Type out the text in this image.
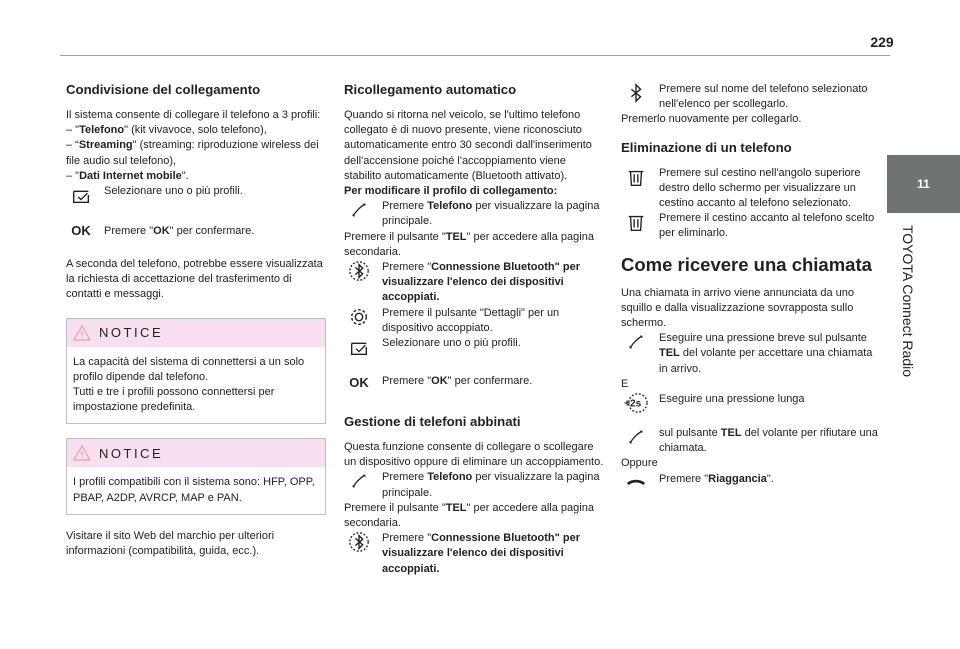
229
11
TOYOTA Connect Radio
Condivisione del collegamento

Il sistema consente di collegare il telefono a 3 profili:

– "Telefono" (kit vivavoce, solo telefono),

– “Streaming" (streaming: riproduzione wireless dei file audio sul telefono),

– "Dati Internet mobile".

Selezionare uno o più profili.

OK	Premere "OK" per confermare.

A seconda del telefono, potrebbe essere visualizzata la richiesta di accettazione del trasferimento di contatti e messaggi.

NOTICE

La capacità del sistema di connettersi a un solo profilo dipende dal telefono.

Tutti e tre i profili possono connettersi per impostazione predefinita.

NOTICE

I profili compatibili con il sistema sono: HFP, OPP, PBAP, A2DP, AVRCP, MAP e PAN.

Visitare il sito Web del marchio per ulteriori informazioni (compatibilità, guida, ecc.).

Ricollegamento automatico

Quando si ritorna nel veicolo, se l'ultimo telefono collegato è di nuovo presente, viene riconosciuto automaticamente entro 30 secondi dall'inserimento dell'accensione poiché l'accoppiamento viene stabilito automaticamente (Bluetooth attivato).

Per modificare il profilo di collegamento:

Premere Telefono per visualizzare la pagina principale.

Premere il pulsante "TEL" per accedere alla pagina secondaria.

Premere "Connessione Bluetooth" per visualizzare l'elenco dei dispositivi accoppiati.

Premere il pulsante "Dettagli" per un dispositivo accoppiato.

Selezionare uno o più profili.

OK	Premere "OK" per confermare.

Gestione di telefoni abbinati

Questa funzione consente di collegare o scollegare un dispositivo oppure di eliminare un accoppiamento.

Premere Telefono per visualizzare la pagina principale.

Premere il pulsante "TEL" per accedere alla pagina secondaria.

Premere "Connessione Bluetooth" per visualizzare l'elenco dei dispositivi accoppiati.

Premere sul nome del telefono selezionato nell'elenco per scollegarlo.

Premerlo nuovamente per collegarlo.

Eliminazione di un telefono

Premere sul cestino nell'angolo superiore destro dello schermo per visualizzare un cestino accanto al telefono selezionato.

Premere il cestino accanto al telefono scelto per eliminarlo.

Come ricevere una chiamata

Una chiamata in arrivo viene annunciata da uno squillo e dalla visualizzazione sovrapposta sullo schermo.

Eseguire una pressione breve sul pulsante TEL del volante per accettare una chiamata in arrivo.

E

+2s Eseguire una pressione lunga

sul pulsante TEL del volante per rifiutare una chiamata.

Oppure

Premere "Riaggancia".
